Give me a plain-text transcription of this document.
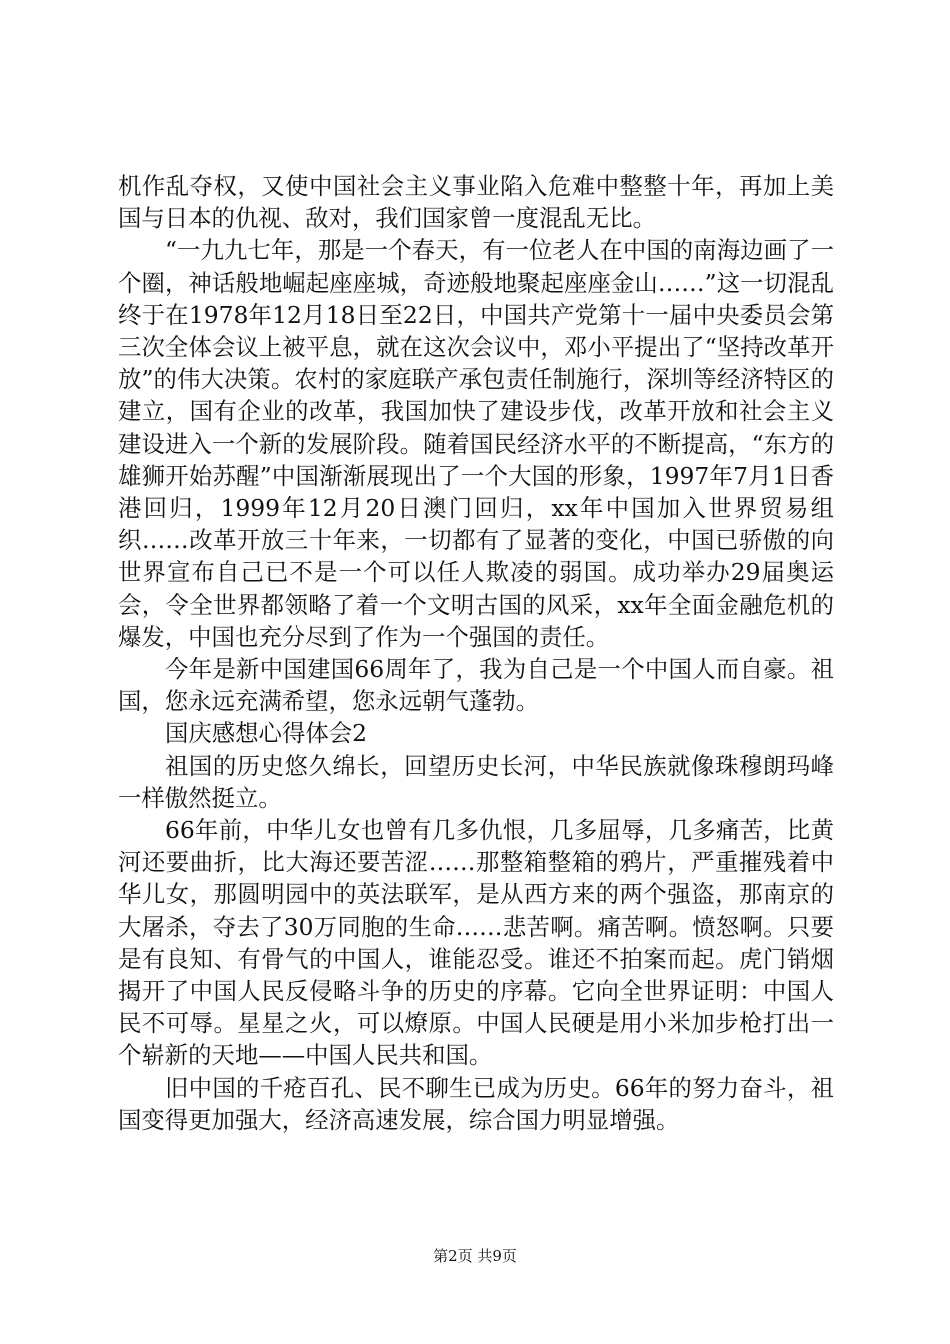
机作乱夺权，又使中国社会主义事业陷入危难中整整十年，再加上美国与日本的仇视、敌对，我们国家曾一度混乱无比。

“一九九七年，那是一个春天，有一位老人在中国的南海边画了一个圈，神话般地崛起座座城，奇迹般地聚起座座金山……”这一切混乱终于在1978年12月18日至22日，中国共产党第十一届中央委员会第三次全体会议上被平息，就在这次会议中，邓小平提出了“坚持改革开放”的伟大决策。农村的家庭联产承包责任制施行，深圳等经济特区的建立，国有企业的改革，我国加快了建设步伐，改革开放和社会主义建设进入一个新的发展阶段。随着国民经济水平的不断提高，“东方的雄狮开始苏醒”中国渐渐展现出了一个大国的形象，1997年7月1日香港回归，1999年12月20日澳门回归，xx年中国加入世界贸易组织……改革开放三十年来，一切都有了显著的变化，中国已骄傲的向世界宣布自己已不是一个可以任人欺凌的弱国。成功举办29届奥运会，令全世界都领略了着一个文明古国的风采，xx年全面金融危机的爆发，中国也充分尽到了作为一个强国的责任。

今年是新中国建国66周年了，我为自己是一个中国人而自豪。祖国，您永远充满希望，您永远朝气蓬勃。

国庆感想心得体会2

祖国的历史悠久绵长，回望历史长河，中华民族就像珠穆朗玛峰一样傲然挺立。

66年前，中华儿女也曾有几多仇恨，几多屈辱，几多痛苦，比黄河还要曲折，比大海还要苦涩……那整箱整箱的鸦片，严重摧残着中华儿女，那圆明园中的英法联军，是从西方来的两个强盗，那南京的大屠杀，夺去了30万同胞的生命……悲苦啊。痛苦啊。愤怒啊。只要是有良知、有骨气的中国人，谁能忍受。谁还不拍案而起。虎门销烟揭开了中国人民反侵略斗争的历史的序幕。它向全世界证明：中国人民不可辱。星星之火，可以燎原。中国人民硬是用小米加步枪打出一个崭新的天地——中国人民共和国。

旧中国的千疮百孔、民不聊生已成为历史。66年的努力奋斗，祖国变得更加强大，经济高速发展，综合国力明显增强。

第2页 共9页
